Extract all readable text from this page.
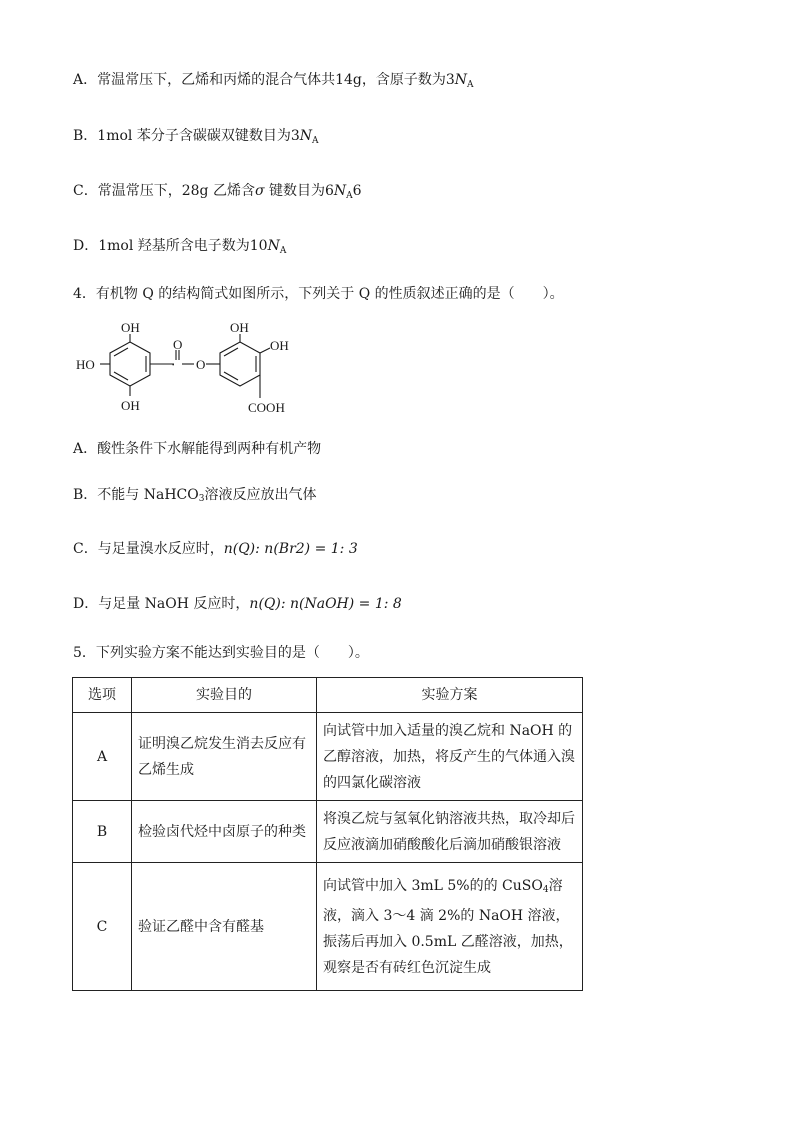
A．常温常压下，乙烯和丙烯的混合气体共14g，含原子数为$3N_A$
B．1mol 苯分子含碳碳双键数目为$3N_A$
C．常温常压下，28g 乙烯含σ 键数目为$6N_A6$
D．1mol 羟基所含电子数为$10N_A$
4．有机物 Q 的结构简式如图所示，下列关于 Q 的性质叙述正确的是（　　）。
OH
HO
OH
O
· O
OH
OH
COOH
A．酸性条件下水解能得到两种有机产物
B．不能与 NaHCO3溶液反应放出气体
C．与足量溴水反应时，n(Q): n(Br2) = 1: 3
D．与足量 NaOH 反应时，n(Q): n(NaOH) = 1: 8
5．下列实验方案不能达到实验目的是（　　）。
选项	实验目的	实验方案
A	证明溴乙烷发生消去反应有乙烯生成	向试管中加入适量的溴乙烷和 NaOH 的乙醇溶液，加热，将反产生的气体通入溴的四氯化碳溶液
B	检验卤代烃中卤原子的种类	将溴乙烷与氢氧化钠溶液共热，取冷却后反应液滴加硝酸酸化后滴加硝酸银溶液
C	验证乙醛中含有醛基	向试管中加入 3mL 5%的的 CuSO4溶液，滴入 3～4 滴 2%的 NaOH 溶液，振荡后再加入 0.5mL 乙醛溶液，加热，观察是否有砖红色沉淀生成
